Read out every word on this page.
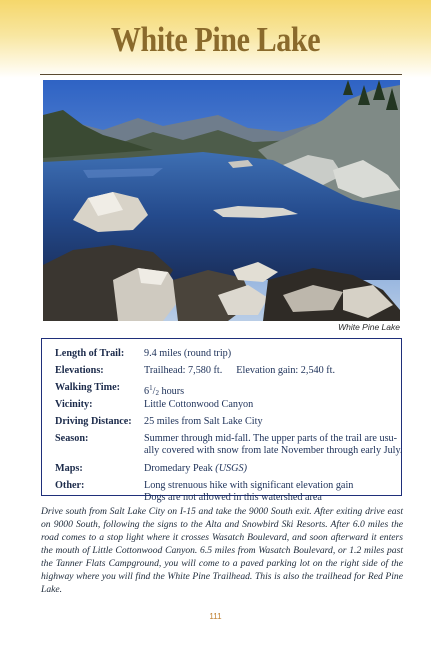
White Pine Lake
White Pine Lake
Length of Trail:	9.4 miles (round trip)
Elevations:	Trailhead: 7,580 ft. Elevation gain: 2,540 ft.
Walking Time:	$6^1/2$ hours
Vicinity:	Little Cottonwood Canyon
Driving Distance:	25 miles from Salt Lake City
Season:	Summer through mid-fall. The upper parts of the trail are usu-
ally covered with snow from late November through early July.
Maps:	Dromedary Peak (USGS)
Other:	Long strenuous hike with significant elevation gain
Dogs are not allowed in this watershed area
Drive south from Salt Lake City on I-15 and take the 9000 South exit. After exiting drive east on 9000 South, following the signs to the Alta and Snowbird Ski Resorts. After 6.0 miles the road comes to a stop light where it crosses Wasatch Boulevard, and soon afterward it enters the mouth of Little Cottonwood Canyon. 6.5 miles from Wasatch Boulevard, or 1.2 miles past the Tanner Flats Campground, you will come to a paved parking lot on the right side of the highway where you will find the White Pine Trailhead. This is also the trailhead for Red Pine Lake.
111
